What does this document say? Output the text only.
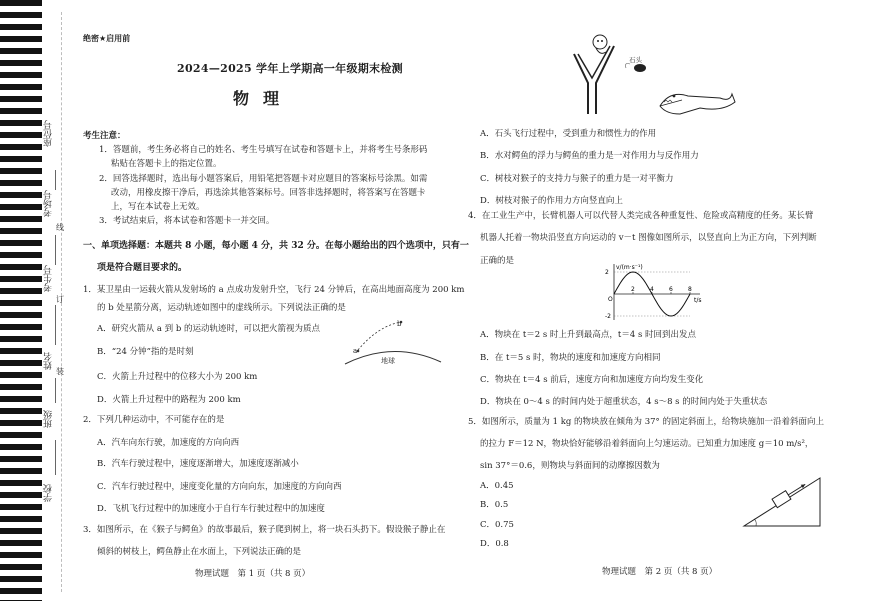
座位号
考场号
考生号
姓名
班级
学校
线
订
装
绝密★启用前
2024—2025 学年上学期高一年级期末检测
物理
考生注意：
1．答题前，考生务必将自己的姓名、考生号填写在试卷和答题卡上，并将考生号条形码
粘贴在答题卡上的指定位置。
2．回答选择题时，选出每小题答案后，用铅笔把答题卡对应题目的答案标号涂黑。如需
改动，用橡皮擦干净后，再选涂其他答案标号。回答非选择题时，将答案写在答题卡
上，写在本试卷上无效。
3．考试结束后，将本试卷和答题卡一并交回。
一、单项选择题：本题共 8 小题，每小题 4 分，共 32 分。在每小题给出的四个选项中，只有一
项是符合题目要求的。
1．某卫星由一运载火箭从发射场的 a 点成功发射升空，飞行 24 分钟后，在高出地面高度为 200 km
的 b 处星箭分离，运动轨迹如图中的虚线所示。下列说法正确的是
A．研究火箭从 a 到 b 的运动轨迹时，可以把火箭视为质点
B．“24 分钟”指的是时刻
C．火箭上升过程中的位移大小为 200 km
D．火箭上升过程中的路程为 200 km
a
b
地球
2．下列几种运动中，不可能存在的是
A．汽车向东行驶，加速度的方向向西
B．汽车行驶过程中，速度逐渐增大，加速度逐渐减小
C．汽车行驶过程中，速度变化量的方向向东，加速度的方向向西
D．飞机飞行过程中的加速度小于自行车行驶过程中的加速度
3．如图所示，在《猴子与鳄鱼》的故事最后，猴子爬到树上，将一块石头扔下。假设猴子静止在
倾斜的树枝上，鳄鱼静止在水面上，下列说法正确的是
物理试题　第 1 页（共 8 页）
石头
A．石头飞行过程中，受到重力和惯性力的作用
B．水对鳄鱼的浮力与鳄鱼的重力是一对作用力与反作用力
C．树枝对猴子的支持力与猴子的重力是一对平衡力
D．树枝对猴子的作用力方向竖直向上
4．在工业生产中，长臂机器人可以代替人类完成各种重复性、危险或高精度的任务。某长臂
机器人托着一物块沿竖直方向运动的 v－t 图像如图所示，以竖直向上为正方向，下列判断
正确的是
t/s
v/(m·s⁻¹)
O
2	4	6	8
2
-2
A．物块在 t＝2 s 时上升到最高点，t＝4 s 时回到出发点
B．在 t＝5 s 时，物块的速度和加速度方向相同
C．物块在 t＝4 s 前后，速度方向和加速度方向均发生变化
D．物块在 0～4 s 的时间内处于超重状态，4 s～8 s 的时间内处于失重状态
5．如图所示，质量为 1 kg 的物块放在倾角为 37° 的固定斜面上，给物块施加一沿着斜面向上
的拉力 F＝12 N，物块恰好能够沿着斜面向上匀速运动。已知重力加速度 g＝10 m/s²，
sin 37°＝0.6，则物块与斜面间的动摩擦因数为
A．0.45
B．0.5
C．0.75
D．0.8
物理试题　第 2 页（共 8 页）
